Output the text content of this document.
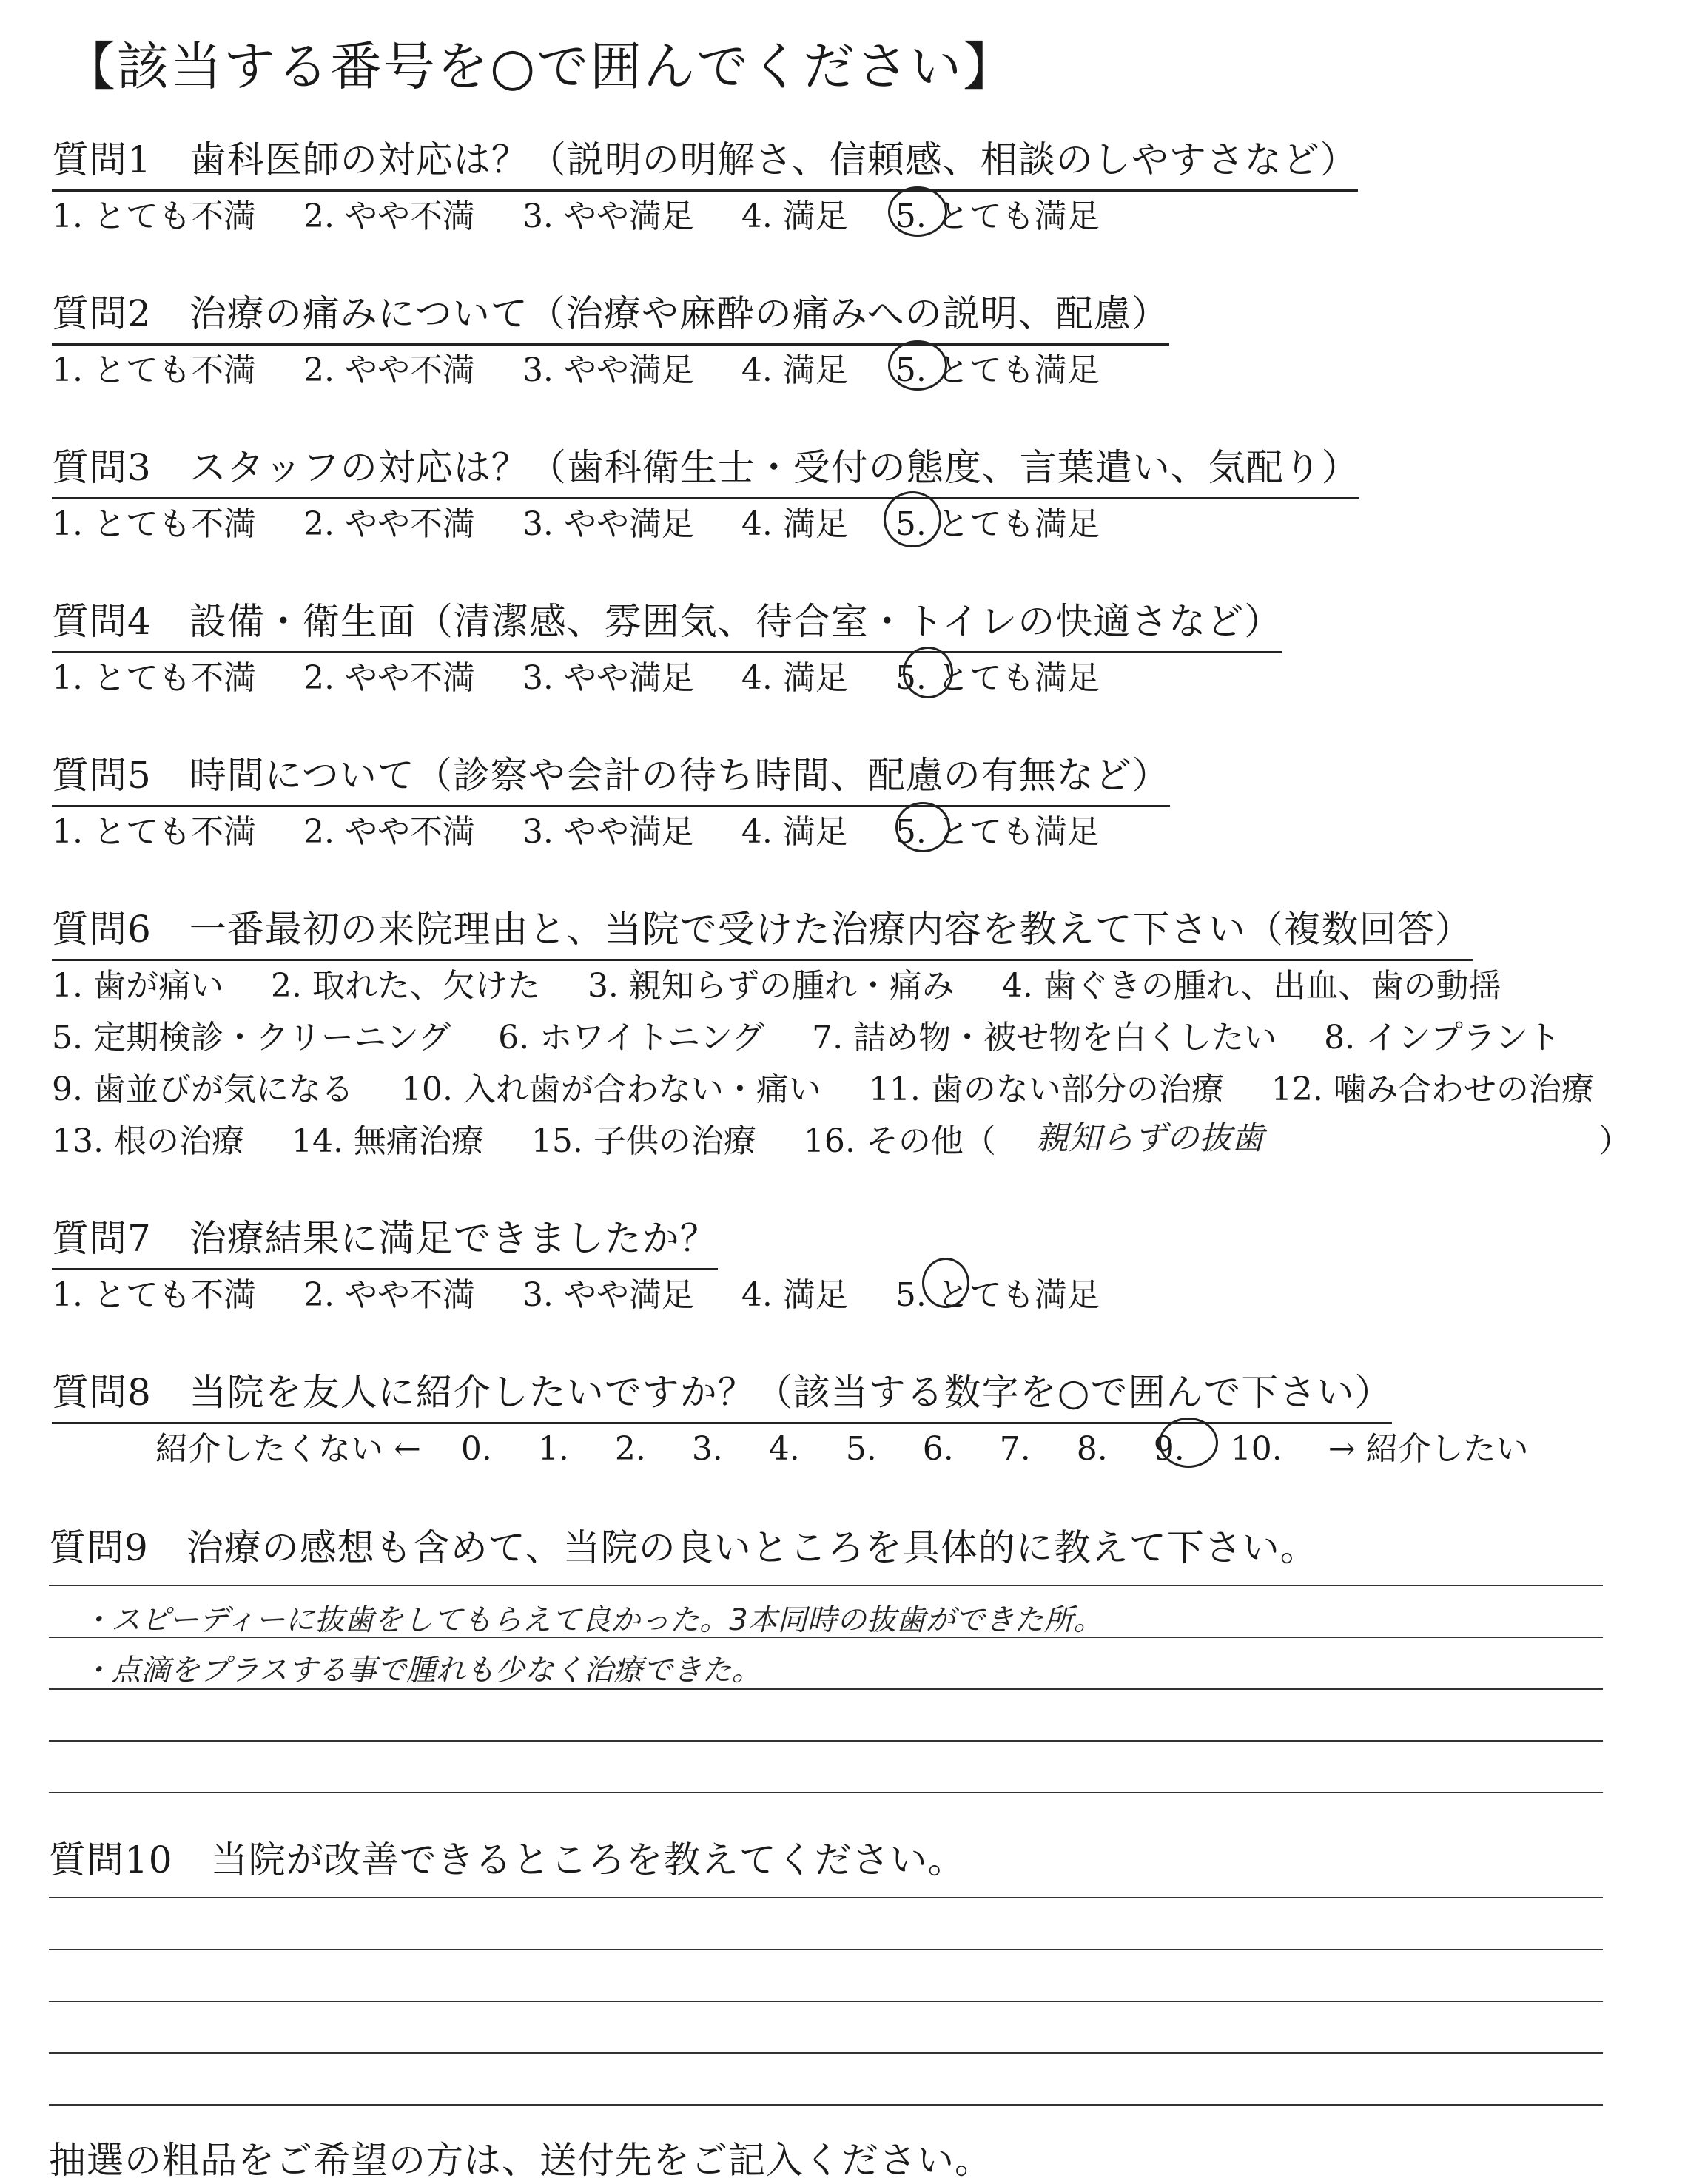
【該当する番号を○で囲んでください】
質問1　歯科医師の対応は？（説明の明解さ、信頼感、相談のしやすさなど）
1. とても不満 2. やや不満 3. やや満足 4. 満足 5. とても満足
質問2　治療の痛みについて（治療や麻酔の痛みへの説明、配慮）
1. とても不満 2. やや不満 3. やや満足 4. 満足 5. とても満足
質問3　スタッフの対応は？（歯科衛生士・受付の態度、言葉遣い、気配り）
1. とても不満 2. やや不満 3. やや満足 4. 満足 5. とても満足
質問4　設備・衛生面（清潔感、雰囲気、待合室・トイレの快適さなど）
1. とても不満 2. やや不満 3. やや満足 4. 満足 5. とても満足
質問5　時間について（診察や会計の待ち時間、配慮の有無など）
1. とても不満 2. やや不満 3. やや満足 4. 満足 5. とても満足
質問6　一番最初の来院理由と、当院で受けた治療内容を教えて下さい（複数回答）
1. 歯が痛い 2. 取れた、欠けた 3. 親知らずの腫れ・痛み 4. 歯ぐきの腫れ、出血、歯の動揺
5. 定期検診・クリーニング 6. ホワイトニング 7. 詰め物・被せ物を白くしたい 8. インプラント
9. 歯並びが気になる 10. 入れ歯が合わない・痛い 11. 歯のない部分の治療 12. 噛み合わせの治療
13. 根の治療 14. 無痛治療 15. 子供の治療 16. その他（	親知らずの抜歯	）
質問7　治療結果に満足できましたか？
1. とても不満 2. やや不満 3. やや満足 4. 満足 5. とても満足
質問8　当院を友人に紹介したいですか？（該当する数字を○で囲んで下さい）
紹介したくない ← 0. 1. 2. 3. 4. 5. 6. 7. 8. 9. 10. → 紹介したい
質問9　治療の感想も含めて、当院の良いところを具体的に教えて下さい。
・スピーディーに抜歯をしてもらえて良かった。3本同時の抜歯ができた所。
・点滴をプラスする事で腫れも少なく治療できた。
質問10　当院が改善できるところを教えてください。
抽選の粗品をご希望の方は、送付先をご記入ください。
